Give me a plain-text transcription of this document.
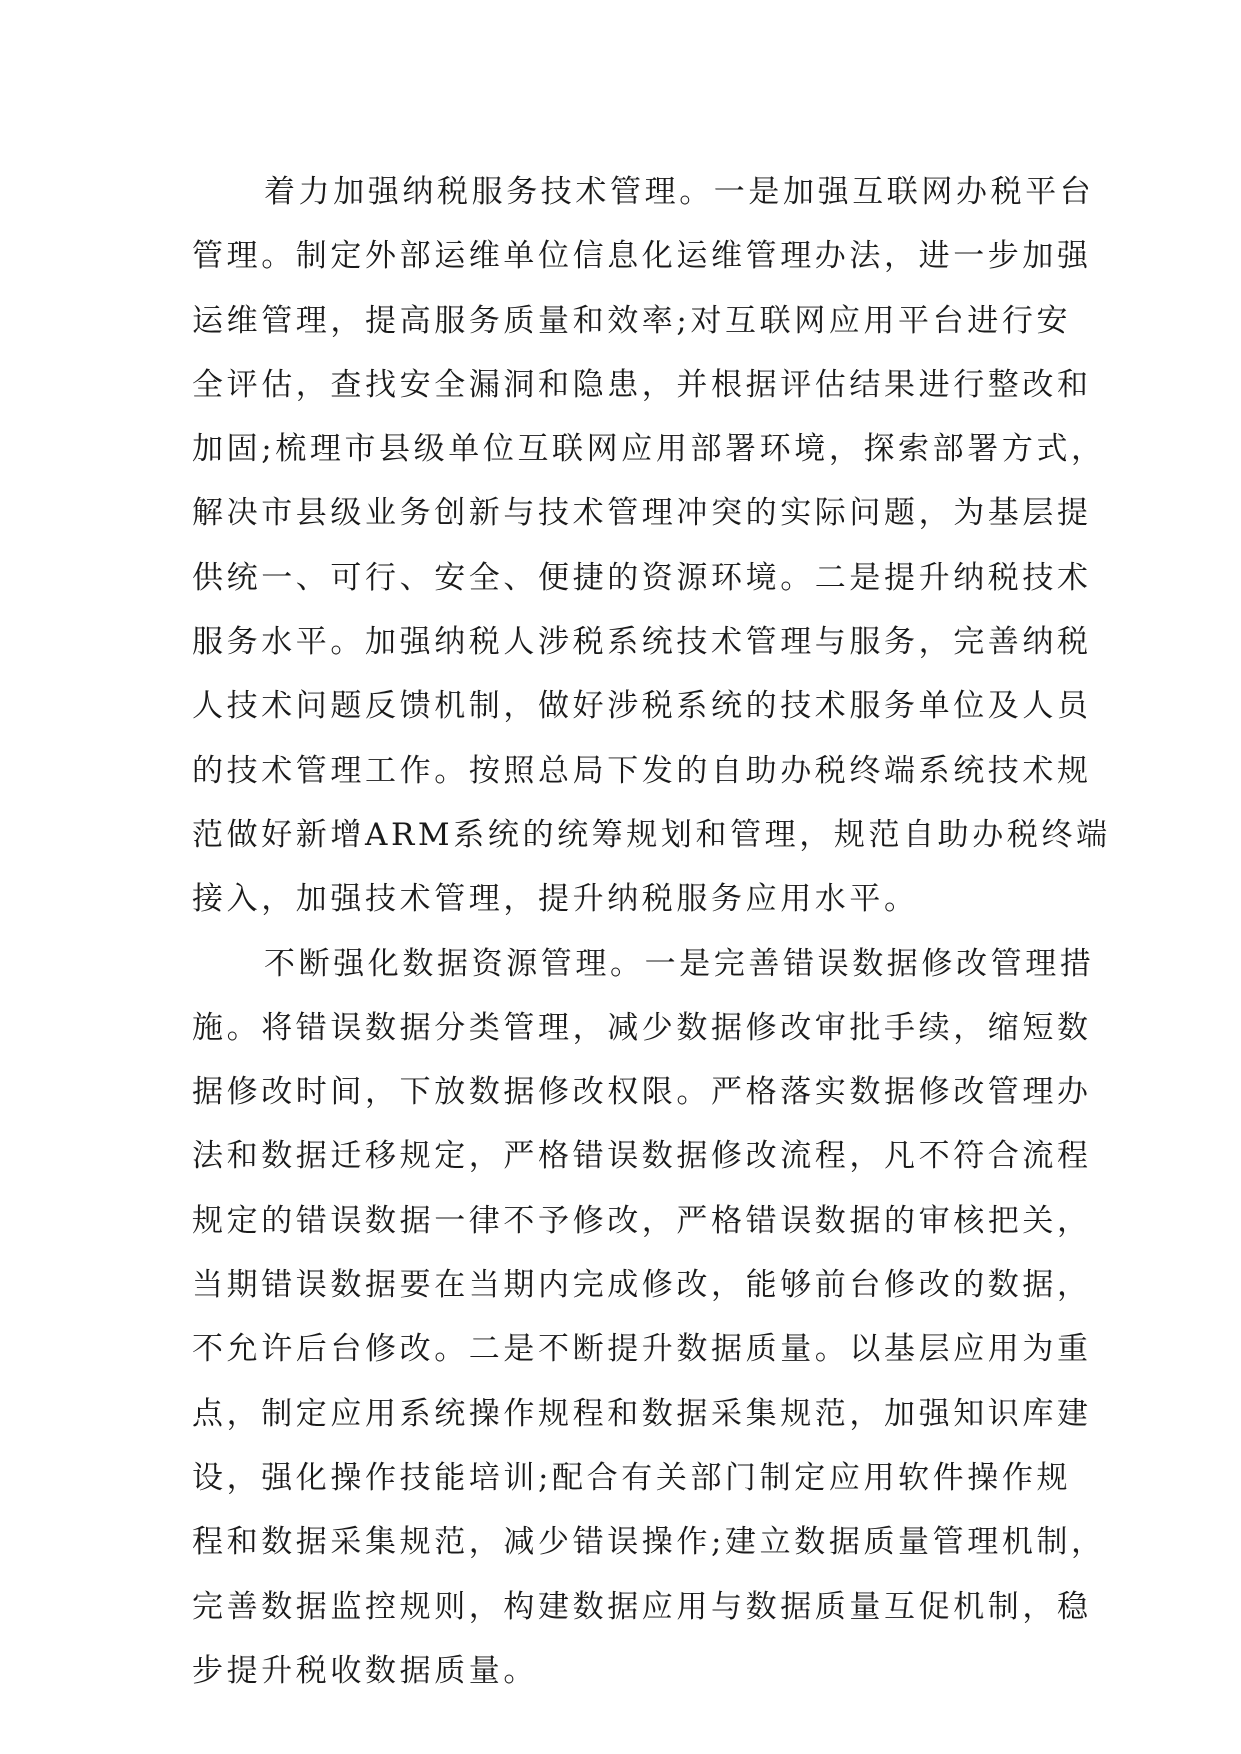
着力加强纳税服务技术管理。一是加强互联网办税平台
管理。制定外部运维单位信息化运维管理办法，进一步加强
运维管理，提高服务质量和效率;对互联网应用平台进行安
全评估，查找安全漏洞和隐患，并根据评估结果进行整改和
加固;梳理市县级单位互联网应用部署环境，探索部署方式，
解决市县级业务创新与技术管理冲突的实际问题，为基层提
供统一、可行、安全、便捷的资源环境。二是提升纳税技术
服务水平。加强纳税人涉税系统技术管理与服务，完善纳税
人技术问题反馈机制，做好涉税系统的技术服务单位及人员
的技术管理工作。按照总局下发的自助办税终端系统技术规
范做好新增ARM系统的统筹规划和管理，规范自助办税终端
接入，加强技术管理，提升纳税服务应用水平。
不断强化数据资源管理。一是完善错误数据修改管理措
施。将错误数据分类管理，减少数据修改审批手续，缩短数
据修改时间，下放数据修改权限。严格落实数据修改管理办
法和数据迁移规定，严格错误数据修改流程，凡不符合流程
规定的错误数据一律不予修改，严格错误数据的审核把关，
当期错误数据要在当期内完成修改，能够前台修改的数据，
不允许后台修改。二是不断提升数据质量。以基层应用为重
点，制定应用系统操作规程和数据采集规范，加强知识库建
设，强化操作技能培训;配合有关部门制定应用软件操作规
程和数据采集规范，减少错误操作;建立数据质量管理机制，
完善数据监控规则，构建数据应用与数据质量互促机制，稳
步提升税收数据质量。
